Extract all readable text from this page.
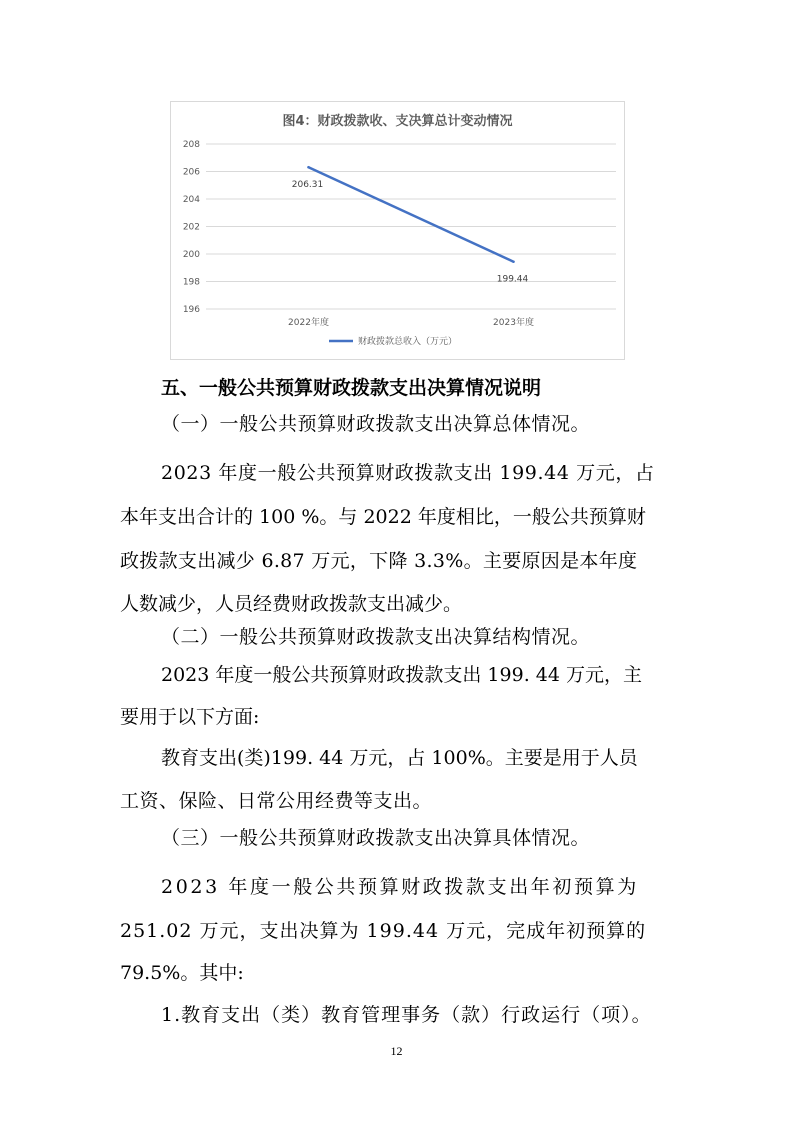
196
198
200
202
204
206
208
2022年度	2023年度
206.31
199.44
财政拨款总收入（万元）
图4：财政拨款收、支决算总计变动情况
五、一般公共预算财政拨款支出决算情况说明
（一）一般公共预算财政拨款支出决算总体情况。
2023 年度一般公共预算财政拨款支出 199.44 万元，占
本年支出合计的 100 %。与 2022 年度相比，一般公共预算财
政拨款支出减少 6.87 万元，下降 3.3%。主要原因是本年度
人数减少，人员经费财政拨款支出减少。
（二）一般公共预算财政拨款支出决算结构情况。
2023 年度一般公共预算财政拨款支出 199. 44 万元，主
要用于以下方面:
教育支出(类)199. 44 万元，占 100%。主要是用于人员
工资、保险、日常公用经费等支出。
（三）一般公共预算财政拨款支出决算具体情况。
2023 年度一般公共预算财政拨款支出年初预算为
251.02 万元，支出决算为 199.44 万元，完成年初预算的
79.5%。其中:
1.教育支出（类）教育管理事务（款）行政运行（项）。
12
